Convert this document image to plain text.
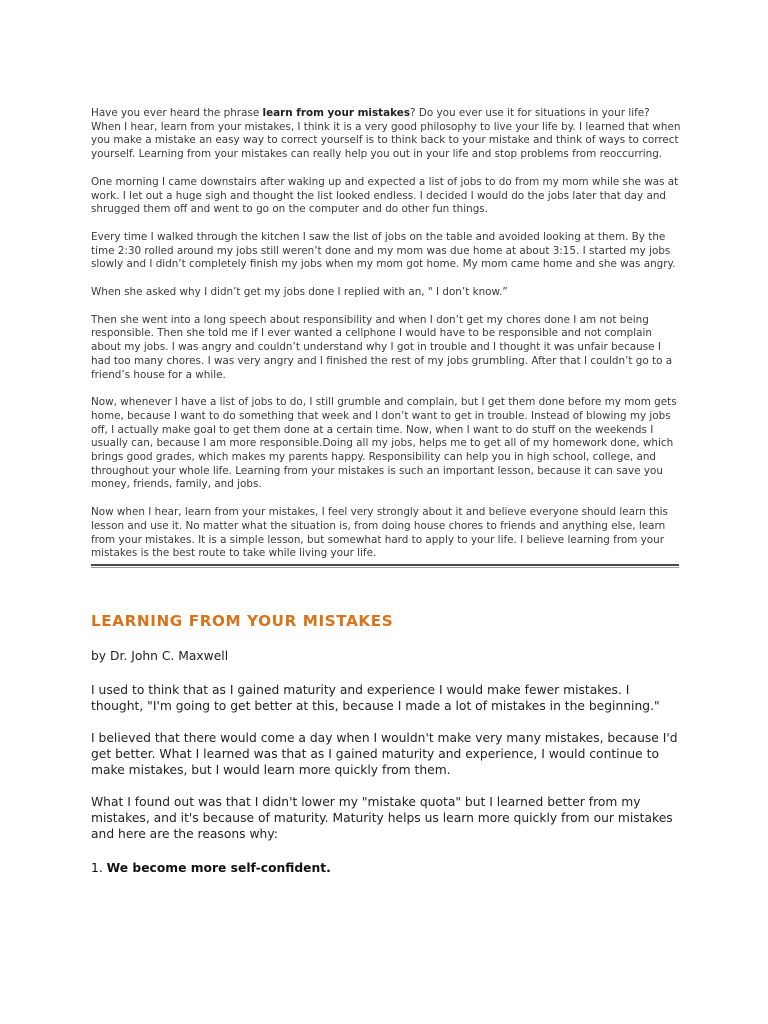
Have you ever heard the phrase learn from your mistakes? Do you ever use it for situations in your life? When I hear, learn from your mistakes, I think it is a very good philosophy to live your life by. I learned that when you make a mistake an easy way to correct yourself is to think back to your mistake and think of ways to correct yourself. Learning from your mistakes can really help you out in your life and stop problems from reoccurring.

One morning I came downstairs after waking up and expected a list of jobs to do from my mom while she was at work. I let out a huge sigh and thought the list looked endless. I decided I would do the jobs later that day and shrugged them off and went to go on the computer and do other fun things.

Every time I walked through the kitchen I saw the list of jobs on the table and avoided looking at them. By the time 2:30 rolled around my jobs still weren’t done and my mom was due home at about 3:15. I started my jobs slowly and I didn’t completely finish my jobs when my mom got home. My mom came home and she was angry.

When she asked why I didn’t get my jobs done I replied with an, " I don’t know.”

Then she went into a long speech about responsibility and when I don’t get my chores done I am not being responsible. Then she told me if I ever wanted a cellphone I would have to be responsible and not complain about my jobs. I was angry and couldn’t understand why I got in trouble and I thought it was unfair because I had too many chores. I was very angry and I finished the rest of my jobs grumbling. After that I couldn’t go to a friend’s house for a while.

Now, whenever I have a list of jobs to do, I still grumble and complain, but I get them done before my mom gets home, because I want to do something that week and I don’t want to get in trouble. Instead of blowing my jobs off, I actually make goal to get them done at a certain time. Now, when I want to do stuff on the weekends I usually can, because I am more responsible.Doing all my jobs, helps me to get all of my homework done, which brings good grades, which makes my parents happy. Responsibility can help you in high school, college, and throughout your whole life. Learning from your mistakes is such an important lesson, because it can save you money, friends, family, and jobs.

Now when I hear, learn from your mistakes, I feel very strongly about it and believe everyone should learn this lesson and use it. No matter what the situation is, from doing house chores to friends and anything else, learn from your mistakes. It is a simple lesson, but somewhat hard to apply to your life. I believe learning from your mistakes is the best route to take while living your life.

LEARNING FROM YOUR MISTAKES

by Dr. John C. Maxwell

I used to think that as I gained maturity and experience I would make fewer mistakes. I thought, "I'm going to get better at this, because I made a lot of mistakes in the beginning."

I believed that there would come a day when I wouldn't make very many mistakes, because I'd get better. What I learned was that as I gained maturity and experience, I would continue to make mistakes, but I would learn more quickly from them.

What I found out was that I didn't lower my "mistake quota" but I learned better from my mistakes, and it's because of maturity. Maturity helps us learn more quickly from our mistakes and here are the reasons why:

1. We become more self-confident.
